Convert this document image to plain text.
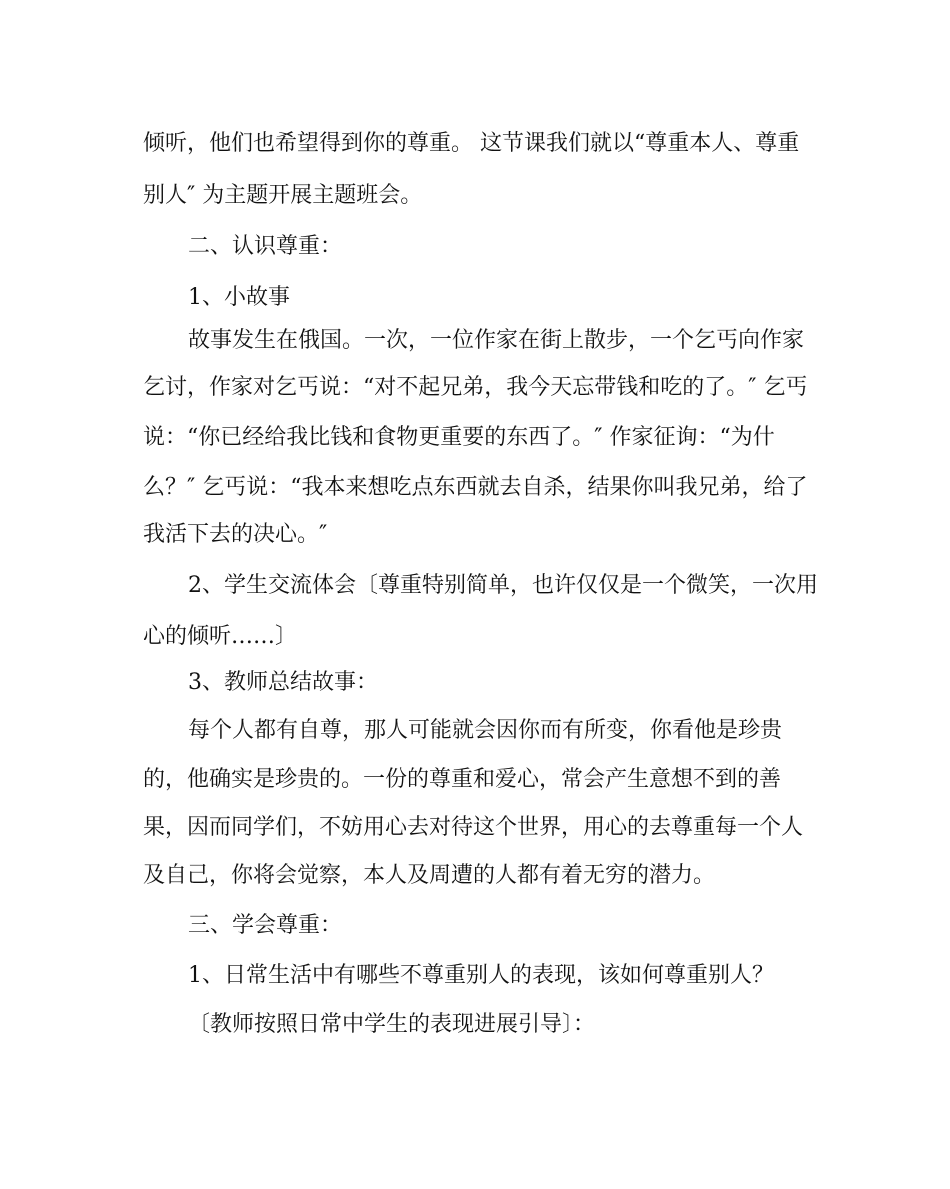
倾听，他们也希望得到你的尊重。 这节课我们就以“尊重本人、尊重
别人″ 为主题开展主题班会。
二、认识尊重：
1、小故事
故事发生在俄国。一次，一位作家在街上散步，一个乞丐向作家
乞讨，作家对乞丐说：“对不起兄弟，我今天忘带钱和吃的了。″ 乞丐
说：“你已经给我比钱和食物更重要的东西了。″ 作家征询：“为什
么？″ 乞丐说：“我本来想吃点东西就去自杀，结果你叫我兄弟，给了
我活下去的决心。″
2、学生交流体会〔尊重特别简单，也许仅仅是一个微笑，一次用
心的倾听……〕
3、教师总结故事：
每个人都有自尊，那人可能就会因你而有所变，你看他是珍贵
的，他确实是珍贵的。一份的尊重和爱心，常会产生意想不到的善
果，因而同学们，不妨用心去对待这个世界，用心的去尊重每一个人
及自己，你将会觉察，本人及周遭的人都有着无穷的潜力。
三、学会尊重：
1、日常生活中有哪些不尊重别人的表现，该如何尊重别人？
〔教师按照日常中学生的表现进展引导〕：
